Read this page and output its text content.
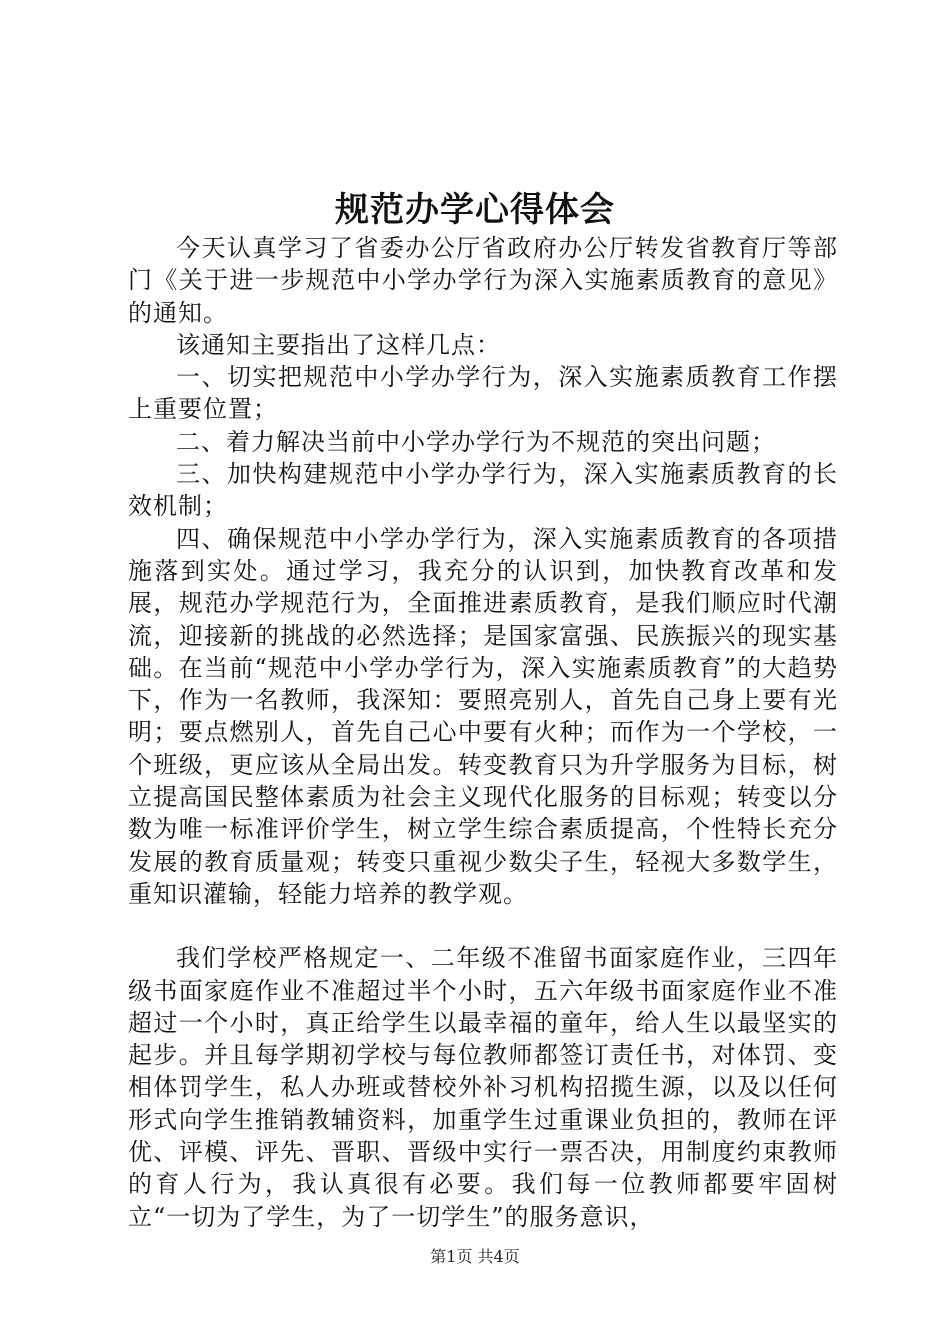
规范办学心得体会

今天认真学习了省委办公厅省政府办公厅转发省教育厅等部门《关于进一步规范中小学办学行为深入实施素质教育的意见》的通知。

该通知主要指出了这样几点：

一、切实把规范中小学办学行为，深入实施素质教育工作摆上重要位置；

二、着力解决当前中小学办学行为不规范的突出问题；

三、加快构建规范中小学办学行为，深入实施素质教育的长效机制；

四、确保规范中小学办学行为，深入实施素质教育的各项措施落到实处。通过学习，我充分的认识到，加快教育改革和发展，规范办学规范行为，全面推进素质教育，是我们顺应时代潮流，迎接新的挑战的必然选择；是国家富强、民族振兴的现实基础。在当前“规范中小学办学行为，深入实施素质教育”的大趋势下，作为一名教师，我深知：要照亮别人，首先自己身上要有光明；要点燃别人，首先自己心中要有火种；而作为一个学校，一个班级，更应该从全局出发。转变教育只为升学服务为目标，树立提高国民整体素质为社会主义现代化服务的目标观；转变以分数为唯一标准评价学生，树立学生综合素质提高，个性特长充分发展的教育质量观；转变只重视少数尖子生，轻视大多数学生，重知识灌输，轻能力培养的教学观。

我们学校严格规定一、二年级不准留书面家庭作业，三四年级书面家庭作业不准超过半个小时，五六年级书面家庭作业不准超过一个小时，真正给学生以最幸福的童年，给人生以最坚实的起步。并且每学期初学校与每位教师都签订责任书，对体罚、变相体罚学生，私人办班或替校外补习机构招揽生源，以及以任何形式向学生推销教辅资料，加重学生过重课业负担的，教师在评优、评模、评先、晋职、晋级中实行一票否决，用制度约束教师的育人行为，我认真很有必要。我们每一位教师都要牢固树立“一切为了学生，为了一切学生”的服务意识，

第1页 共4页
